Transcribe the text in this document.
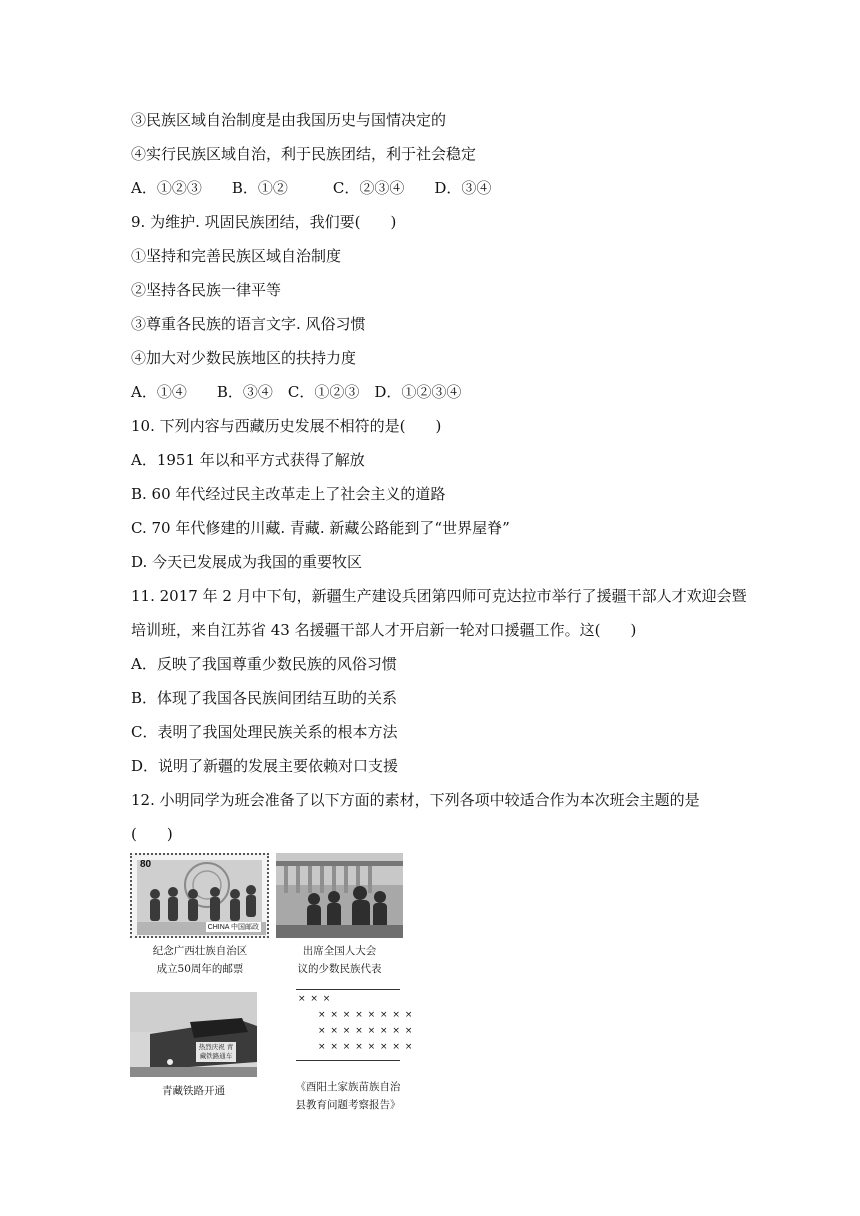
③民族区域自治制度是由我国历史与国情决定的
④实行民族区域自治，利于民族团结，利于社会稳定
A．①②③　　B．①②　　　C．②③④　　D．③④
9. 为维护. 巩固民族团结，我们要(　　)
①坚持和完善民族区域自治制度
②坚持各民族一律平等
③尊重各民族的语言文字. 风俗习惯
④加大对少数民族地区的扶持力度
A．①④　　B．③④　C．①②③　D．①②③④
10. 下列内容与西藏历史发展不相符的是(　　)
A．1951 年以和平方式获得了解放
B. 60 年代经过民主改革走上了社会主义的道路
C. 70 年代修建的川藏. 青藏. 新藏公路能到了“世界屋脊”
D. 今天已发展成为我国的重要牧区
11. 2017 年 2 月中下旬，新疆生产建设兵团第四师可克达拉市举行了援疆干部人才欢迎会暨
培训班，来自江苏省 43 名援疆干部人才开启新一轮对口援疆工作。这(　　)
A．反映了我国尊重少数民族的风俗习惯
B．体现了我国各民族间团结互助的关系
C．表明了我国处理民族关系的根本方法
D．说明了新疆的发展主要依赖对口支援
12. 小明同学为班会准备了以下方面的素材，下列各项中较适合作为本次班会主题的是
(　　)
80
CHINA 中国邮政
纪念广西壮族自治区
成立50周年的邮票
出席全国人大会
议的少数民族代表
热烈庆祝 青藏铁路通车
青藏铁路开通
× × ×
× × × × × × × ×
× × × × × × × ×
× × × × × × × ×
《酉阳土家族苗族自治
县教育问题考察报告》
